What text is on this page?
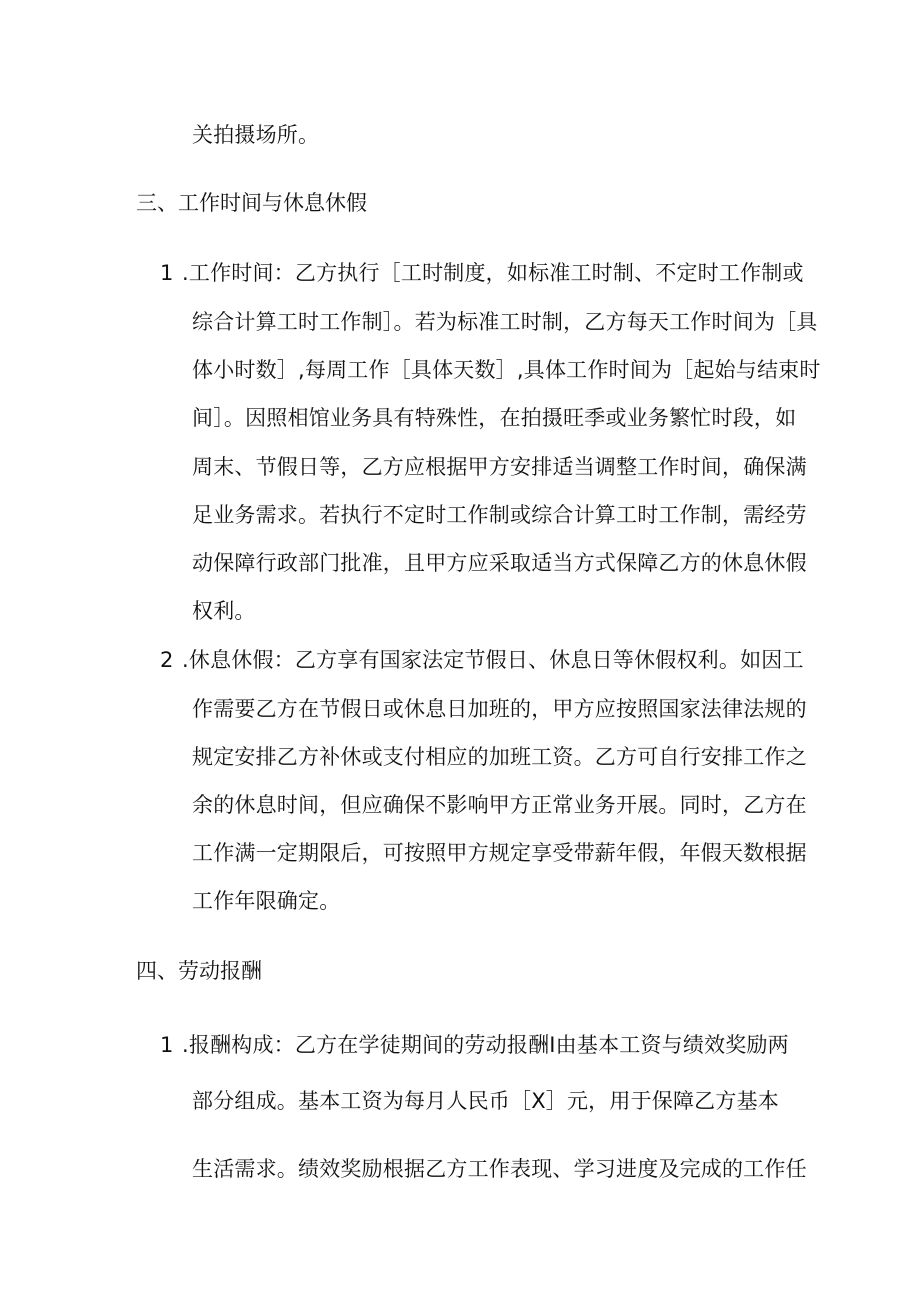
关拍摄场所。
三、工作时间与休息休假
1 .工作时间：乙方执行［工时制度，如标准工时制、不定时工作制或
综合计算工时工作制］。若为标准工时制，乙方每天工作时间为［具
体小时数］,每周工作［具体天数］,具体工作时间为［起始与结束时
间］。因照相馆业务具有特殊性，在拍摄旺季或业务繁忙时段，如
周末、节假日等，乙方应根据甲方安排适当调整工作时间，确保满
足业务需求。若执行不定时工作制或综合计算工时工作制，需经劳
动保障行政部门批准，且甲方应采取适当方式保障乙方的休息休假
权利。
2 .休息休假：乙方享有国家法定节假日、休息日等休假权利。如因工
作需要乙方在节假日或休息日加班的，甲方应按照国家法律法规的
规定安排乙方补休或支付相应的加班工资。乙方可自行安排工作之
余的休息时间，但应确保不影响甲方正常业务开展。同时，乙方在
工作满一定期限后，可按照甲方规定享受带薪年假，年假天数根据
工作年限确定。
四、劳动报酬
1 .报酬构成：乙方在学徒期间的劳动报酬I由基本工资与绩效奖励两
部分组成。基本工资为每月人民币［X］元，用于保障乙方基本
生活需求。绩效奖励根据乙方工作表现、学习进度及完成的工作任
